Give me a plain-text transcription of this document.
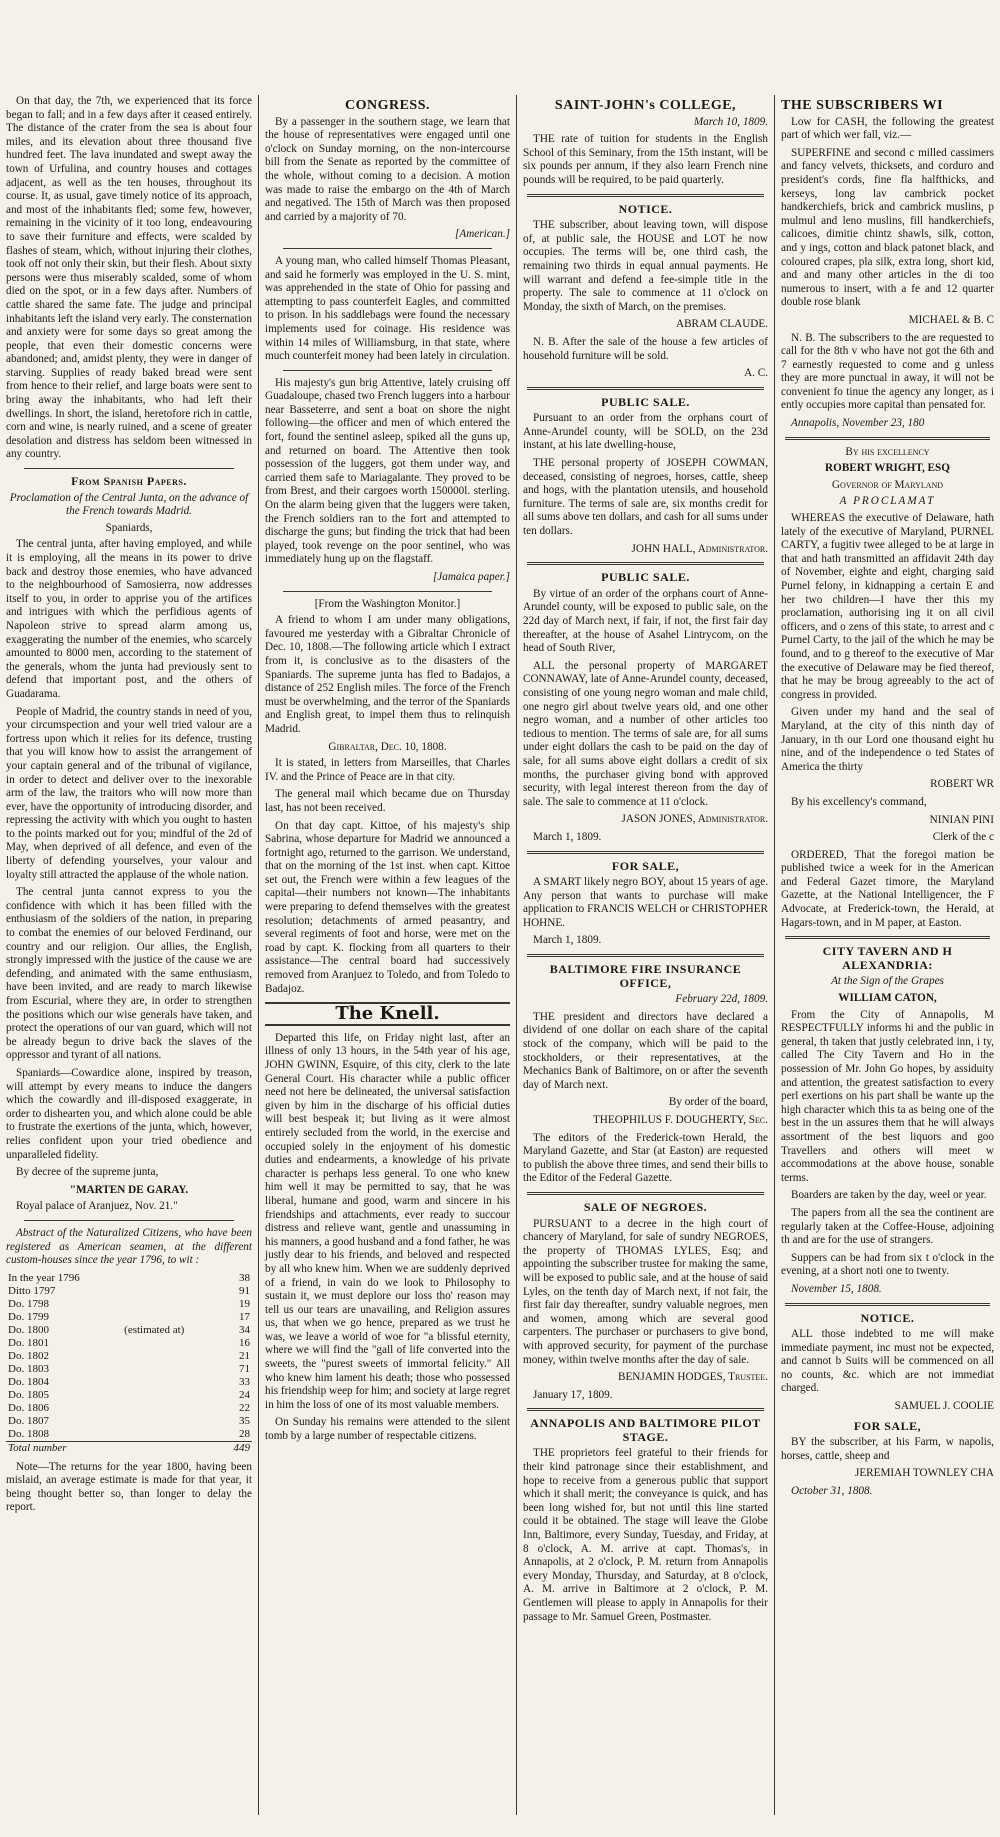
On that day, the 7th, we experienced that its force began to fall; and in a few days after it ceased entirely. The distance of the crater from the sea is about four miles, and its elevation about three thousand five hundred feet. The lava inundated and swept away the town of Urfulina, and country houses and cottages adjacent, as well as the ten houses, throughout its course. It, as usual, gave timely notice of its approach, and most of the inhabitants fled; some few, however, remaining in the vicinity of it too long, endeavouring to save their furniture and effects, were scalded by flashes of steam, which, without injuring their clothes, took off not only their skin, but their flesh. About sixty persons were thus miserably scalded, some of whom died on the spot, or in a few days after. Numbers of cattle shared the same fate. The judge and principal inhabitants left the island very early. The consternation and anxiety were for some days so great among the people, that even their domestic concerns were abandoned; and, amidst plenty, they were in danger of starving. Supplies of ready baked bread were sent from hence to their relief, and large boats were sent to bring away the inhabitants, who had left their dwellings. In short, the island, heretofore rich in cattle, corn and wine, is nearly ruined, and a scene of greater desolation and distress has seldom been witnessed in any country.

From Spanish Papers.

Proclamation of the Central Junta, on the advance of the French towards Madrid.

Spaniards,

The central junta, after having employed, and while it is employing, all the means in its power to drive back and destroy those enemies, who have advanced to the neighbourhood of Samosierra, now addresses itself to you, in order to apprise you of the artifices and intrigues with which the perfidious agents of Napoleon strive to spread alarm among us, exaggerating the number of the enemies, who scarcely amounted to 8000 men, according to the statement of the generals, whom the junta had previously sent to defend that important post, and the others of Guadarama.

People of Madrid, the country stands in need of you, your circumspection and your well tried valour are a fortress upon which it relies for its defence, trusting that you will know how to assist the arrangement of your captain general and of the tribunal of vigilance, in order to detect and deliver over to the inexorable arm of the law, the traitors who will now more than ever, have the opportunity of introducing disorder, and repressing the activity with which you ought to hasten to the points marked out for you; mindful of the 2d of May, when deprived of all defence, and even of the liberty of defending yourselves, your valour and loyalty still attracted the applause of the whole nation.

The central junta cannot express to you the confidence with which it has been filled with the enthusiasm of the soldiers of the nation, in preparing to combat the enemies of our beloved Ferdinand, our country and our religion. Our allies, the English, strongly impressed with the justice of the cause we are defending, and animated with the same enthusiasm, have been invited, and are ready to march likewise from Escurial, where they are, in order to strengthen the positions which our wise generals have taken, and protect the operations of our van guard, which will not be already begun to drive back the slaves of the oppressor and tyrant of all nations.

Spaniards—Cowardice alone, inspired by treason, will attempt by every means to induce the dangers which the cowardly and ill-disposed exaggerate, in order to dishearten you, and which alone could be able to frustrate the exertions of the junta, which, however, relies confident upon your tried obedience and unparalleled fidelity.

By decree of the supreme junta,

"MARTEN DE GARAY.

Royal palace of Aranjuez, Nov. 21."

Abstract of the Naturalized Citizens, who have been registered as American seamen, at the different custom-houses since the year 1796, to wit :

In the year 1796		38
Ditto 1797		91
Do. 1798		19
Do. 1799		17
Do. 1800	(estimated at)	34
Do. 1801		16
Do. 1802		21
Do. 1803		71
Do. 1804		33
Do. 1805		24
Do. 1806		22
Do. 1807		35
Do. 1808		28
Total number		449

Note—The returns for the year 1800, having been mislaid, an average estimate is made for that year, it being thought better so, than longer to delay the report.

CONGRESS.

By a passenger in the southern stage, we learn that the house of representatives were engaged until one o'clock on Sunday morning, on the non-intercourse bill from the Senate as reported by the committee of the whole, without coming to a decision. A motion was made to raise the embargo on the 4th of March and negatived. The 15th of March was then proposed and carried by a majority of 70.

[American.]

A young man, who called himself Thomas Pleasant, and said he formerly was employed in the U. S. mint, was apprehended in the state of Ohio for passing and attempting to pass counterfeit Eagles, and committed to prison. In his saddlebags were found the necessary implements used for coinage. His residence was within 14 miles of Williamsburg, in that state, where much counterfeit money had been lately in circulation.

His majesty's gun brig Attentive, lately cruising off Guadaloupe, chased two French luggers into a harbour near Basseterre, and sent a boat on shore the night following—the officer and men of which entered the fort, found the sentinel asleep, spiked all the guns up, and returned on board. The Attentive then took possession of the luggers, got them under way, and carried them safe to Mariagalante. They proved to be from Brest, and their cargoes worth 150000l. sterling. On the alarm being given that the luggers were taken, the French soldiers ran to the fort and attempted to discharge the guns; but finding the trick that had been played, took revenge on the poor sentinel, who was immediately hung up on the flagstaff.

[Jamaica paper.]

[From the Washington Monitor.]

A friend to whom I am under many obligations, favoured me yesterday with a Gibraltar Chronicle of Dec. 10, 1808.—The following article which I extract from it, is conclusive as to the disasters of the Spaniards. The supreme junta has fled to Badajos, a distance of 252 English miles. The force of the French must be overwhelming, and the terror of the Spaniards and English great, to impel them thus to relinquish Madrid.

Gibraltar, Dec. 10, 1808.

It is stated, in letters from Marseilles, that Charles IV. and the Prince of Peace are in that city.

The general mail which became due on Thursday last, has not been received.

On that day capt. Kittoe, of his majesty's ship Sabrina, whose departure for Madrid we announced a fortnight ago, returned to the garrison. We understand, that on the morning of the 1st inst. when capt. Kittoe set out, the French were within a few leagues of the capital—their numbers not known—The inhabitants were preparing to defend themselves with the greatest resolution; detachments of armed peasantry, and several regiments of foot and horse, were met on the road by capt. K. flocking from all quarters to their assistance—The central board had successively removed from Aranjuez to Toledo, and from Toledo to Badajoz.

The Knell.

Departed this life, on Friday night last, after an illness of only 13 hours, in the 54th year of his age, JOHN GWINN, Esquire, of this city, clerk to the late General Court. His character while a public officer need not here be delineated, the universal satisfaction given by him in the discharge of his official duties will best bespeak it; but living as it were almost entirely secluded from the world, in the exercise and occupied solely in the enjoyment of his domestic duties and endearments, a knowledge of his private character is perhaps less general. To one who knew him well it may be permitted to say, that he was liberal, humane and good, warm and sincere in his friendships and attachments, ever ready to succour distress and relieve want, gentle and unassuming in his manners, a good husband and a fond father, he was justly dear to his friends, and beloved and respected by all who knew him. When we are suddenly deprived of a friend, in vain do we look to Philosophy to sustain it, we must deplore our loss tho' reason may tell us our tears are unavailing, and Religion assures us, that when we go hence, prepared as we trust he was, we leave a world of woe for "a blissful eternity, where we will find the "gall of life converted into the sweets, the "purest sweets of immortal felicity." All who knew him lament his death; those who possessed his friendship weep for him; and society at large regret in him the loss of one of its most valuable members.

On Sunday his remains were attended to the silent tomb by a large number of respectable citizens.

SAINT-JOHN's COLLEGE,

March 10, 1809.

THE rate of tuition for students in the English School of this Seminary, from the 15th instant, will be six pounds per annum, if they also learn French nine pounds will be required, to be paid quarterly.

NOTICE.

THE subscriber, about leaving town, will dispose of, at public sale, the HOUSE and LOT he now occupies. The terms will be, one third cash, the remaining two thirds in equal annual payments. He will warrant and defend a fee-simple title in the property. The sale to commence at 11 o'clock on Monday, the sixth of March, on the premises.

ABRAM CLAUDE.

N. B. After the sale of the house a few articles of household furniture will be sold.

A. C.

PUBLIC SALE.

Pursuant to an order from the orphans court of Anne-Arundel county, will be SOLD, on the 23d instant, at his late dwelling-house,

THE personal property of JOSEPH COWMAN, deceased, consisting of negroes, horses, cattle, sheep and hogs, with the plantation utensils, and household furniture. The terms of sale are, six months credit for all sums above ten dollars, and cash for all sums under ten dollars.

JOHN HALL, Administrator.

PUBLIC SALE.

By virtue of an order of the orphans court of Anne-Arundel county, will be exposed to public sale, on the 22d day of March next, if fair, if not, the first fair day thereafter, at the house of Asahel Lintrycom, on the head of South River,

ALL the personal property of MARGARET CONNAWAY, late of Anne-Arundel county, deceased, consisting of one young negro woman and male child, one negro girl about twelve years old, and one other negro woman, and a number of other articles too tedious to mention. The terms of sale are, for all sums under eight dollars the cash to be paid on the day of sale, for all sums above eight dollars a credit of six months, the purchaser giving bond with approved security, with legal interest thereon from the day of sale. The sale to commence at 11 o'clock.

JASON JONES, Administrator.

March 1, 1809.

FOR SALE,

A SMART likely negro BOY, about 15 years of age. Any person that wants to purchase will make application to FRANCIS WELCH or CHRISTOPHER HOHNE.

March 1, 1809.

BALTIMORE FIRE INSURANCE OFFICE,

February 22d, 1809.

THE president and directors have declared a dividend of one dollar on each share of the capital stock of the company, which will be paid to the stockholders, or their representatives, at the Mechanics Bank of Baltimore, on or after the seventh day of March next.

By order of the board,

THEOPHILUS F. DOUGHERTY, Sec.

The editors of the Frederick-town Herald, the Maryland Gazette, and Star (at Easton) are requested to publish the above three times, and send their bills to the Editor of the Federal Gazette.

SALE OF NEGROES.

PURSUANT to a decree in the high court of chancery of Maryland, for sale of sundry NEGROES, the property of THOMAS LYLES, Esq; and appointing the subscriber trustee for making the same, will be exposed to public sale, and at the house of said Lyles, on the tenth day of March next, if not fair, the first fair day thereafter, sundry valuable negroes, men and women, among which are several good carpenters. The purchaser or purchasers to give bond, with approved security, for payment of the purchase money, within twelve months after the day of sale.

BENJAMIN HODGES, Trustee.

January 17, 1809.

ANNAPOLIS AND BALTIMORE PILOT STAGE.

THE proprietors feel grateful to their friends for their kind patronage since their establishment, and hope to receive from a generous public that support which it shall merit; the conveyance is quick, and has been long wished for, but not until this line started could it be obtained. The stage will leave the Globe Inn, Baltimore, every Sunday, Tuesday, and Friday, at 8 o'clock, A. M. arrive at capt. Thomas's, in Annapolis, at 2 o'clock, P. M. return from Annapolis every Monday, Thursday, and Saturday, at 8 o'clock, A. M. arrive in Baltimore at 2 o'clock, P. M. Gentlemen will please to apply in Annapolis for their passage to Mr. Samuel Green, Postmaster.

THE SUBSCRIBERS WI

Low for CASH, the following the greatest part of which wer fall, viz.—

SUPERFINE and second c milled cassimers and fancy velvets, thicksets, and corduro and president's cords, fine fla halfthicks, and kerseys, long lav cambrick pocket handkerchiefs, brick and cambrick muslins, p mulmul and leno muslins, fill handkerchiefs, calicoes, dimitie chintz shawls, silk, cotton, and y ings, cotton and black patonet black, and coloured crapes, pla silk, extra long, short kid, and and many other articles in the di too numerous to insert, with a fe and 12 quarter double rose blank

MICHAEL & B. C

N. B. The subscribers to the are requested to call for the 8th v who have not got the 6th and 7 earnestly requested to come and g unless they are more punctual in away, it will not be convenient fo tinue the agency any longer, as i ently occupies more capital than pensated for.

Annapolis, November 23, 180

By his excellency

ROBERT WRIGHT, ESQ

Governor of Maryland

A PROCLAMAT

WHEREAS the executive of Delaware, hath lately of the executive of Maryland, PURNEL CARTY, a fugitiv twee alleged to be at large in that and hath transmitted an affidavit 24th day of November, eighte and eight, charging said Purnel felony, in kidnapping a certain E and her two children—I have ther this my proclamation, authorising ing it on all civil officers, and o zens of this state, to arrest and c Purnel Carty, to the jail of the which he may be found, and to g thereof to the executive of Mar the executive of Delaware may be fied thereof, that he may be broug agreeably to the act of congress in provided.

Given under my hand and the seal of Maryland, at the city of this ninth day of January, in th our Lord one thousand eight hu nine, and of the independence o ted States of America the thirty

ROBERT WR

By his excellency's command,

NINIAN PINI

Clerk of the c

ORDERED, That the foregoi mation be published twice a week for in the American and Federal Gazet timore, the Maryland Gazette, at the National Intelligencer, the F Advocate, at Frederick-town, the Herald, at Hagars-town, and in M paper, at Easton.

CITY TAVERN AND H ALEXANDRIA:

At the Sign of the Grapes

WILLIAM CATON,

From the City of Annapolis, M RESPECTFULLY informs hi and the public in general, th taken that justly celebrated inn, i ty, called The City Tavern and Ho in the possession of Mr. John Go hopes, by assiduity and attention, the greatest satisfaction to every perl exertions on his part shall be wante up the high character which this ta as being one of the best in the un assures them that he will always assortment of the best liquors and goo Travellers and others will meet w accommodations at the above house, sonable terms.

Boarders are taken by the day, weel or year.

The papers from all the sea the continent are regularly taken at the Coffee-House, adjoining th and are for the use of strangers.

Suppers can be had from six t o'clock in the evening, at a short noti one to twenty.

November 15, 1808.

NOTICE.

ALL those indebted to me will make immediate payment, inc must not be expected, and cannot b Suits will be commenced on all no counts, &c. which are not immediat charged.

SAMUEL J. COOLIE

FOR SALE,

BY the subscriber, at his Farm, w napolis, horses, cattle, sheep and

JEREMIAH TOWNLEY CHA

October 31, 1808.
